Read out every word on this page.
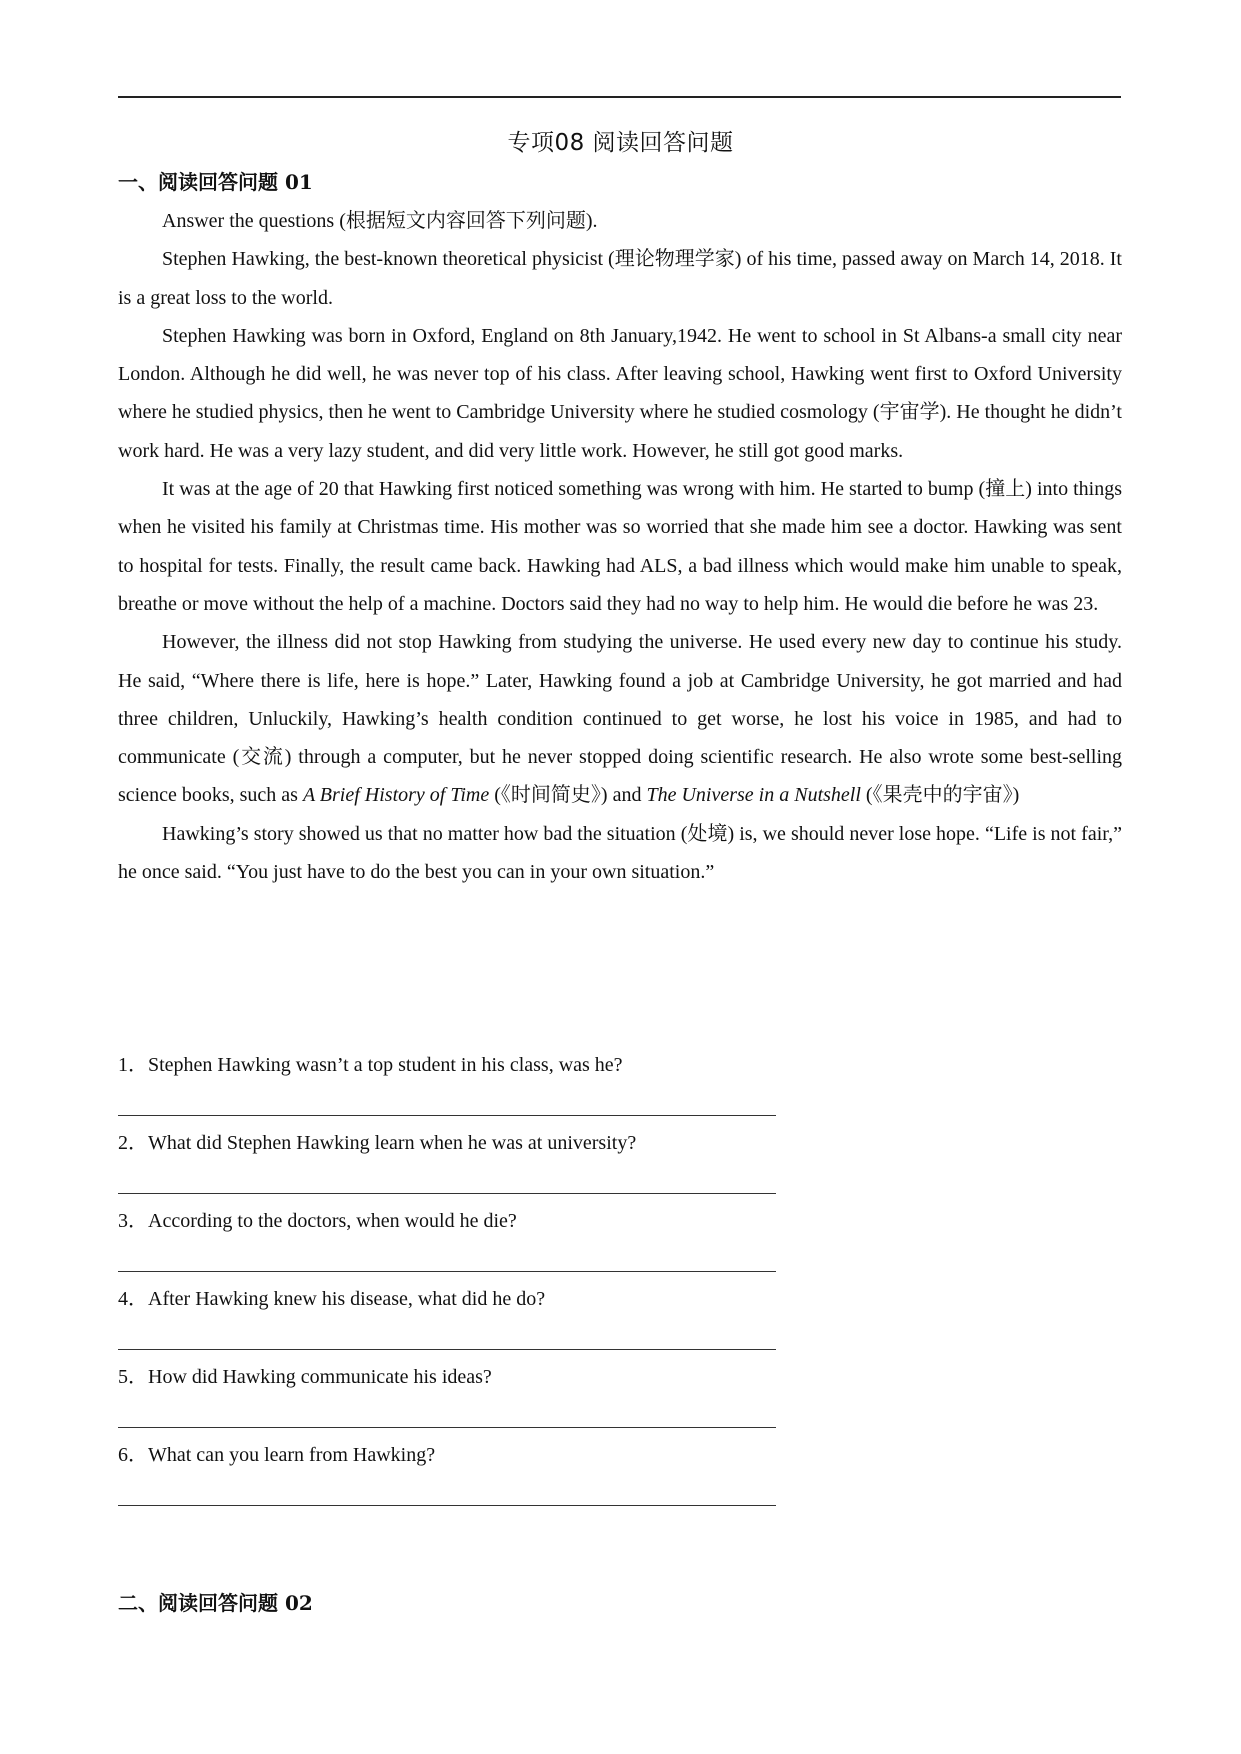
专项08 阅读回答问题
一、阅读回答问题 01

Answer the questions (根据短文内容回答下列问题).

Stephen Hawking, the best-known theoretical physicist (理论物理学家) of his time, passed away on March 14, 2018. It is a great loss to the world.

Stephen Hawking was born in Oxford, England on 8th January,1942. He went to school in St Albans-a small city near London. Although he did well, he was never top of his class. After leaving school, Hawking went first to Oxford University where he studied physics, then he went to Cambridge University where he studied cosmology (宇宙学). He thought he didn’t work hard. He was a very lazy student, and did very little work. However, he still got good marks.

It was at the age of 20 that Hawking first noticed something was wrong with him. He started to bump (撞上) into things when he visited his family at Christmas time. His mother was so worried that she made him see a doctor. Hawking was sent to hospital for tests. Finally, the result came back. Hawking had ALS, a bad illness which would make him unable to speak, breathe or move without the help of a machine. Doctors said they had no way to help him. He would die before he was 23.

However, the illness did not stop Hawking from studying the universe. He used every new day to continue his study. He said, “Where there is life, here is hope.” Later, Hawking found a job at Cambridge University, he got married and had three children, Unluckily, Hawking’s health condition continued to get worse, he lost his voice in 1985, and had to communicate (交流) through a computer, but he never stopped doing scientific research. He also wrote some best-selling science books, such as A Brief History of Time (《时间简史》) and The Universe in a Nutshell (《果壳中的宇宙》)

Hawking’s story showed us that no matter how bad the situation (处境) is, we should never lose hope. “Life is not fair,” he once said. “You just have to do the best you can in your own situation.”

1．Stephen Hawking wasn’t a top student in his class, was he?
2．What did Stephen Hawking learn when he was at university?
3．According to the doctors, when would he die?
4．After Hawking knew his disease, what did he do?
5．How did Hawking communicate his ideas?
6．What can you learn from Hawking?
二、阅读回答问题 02
